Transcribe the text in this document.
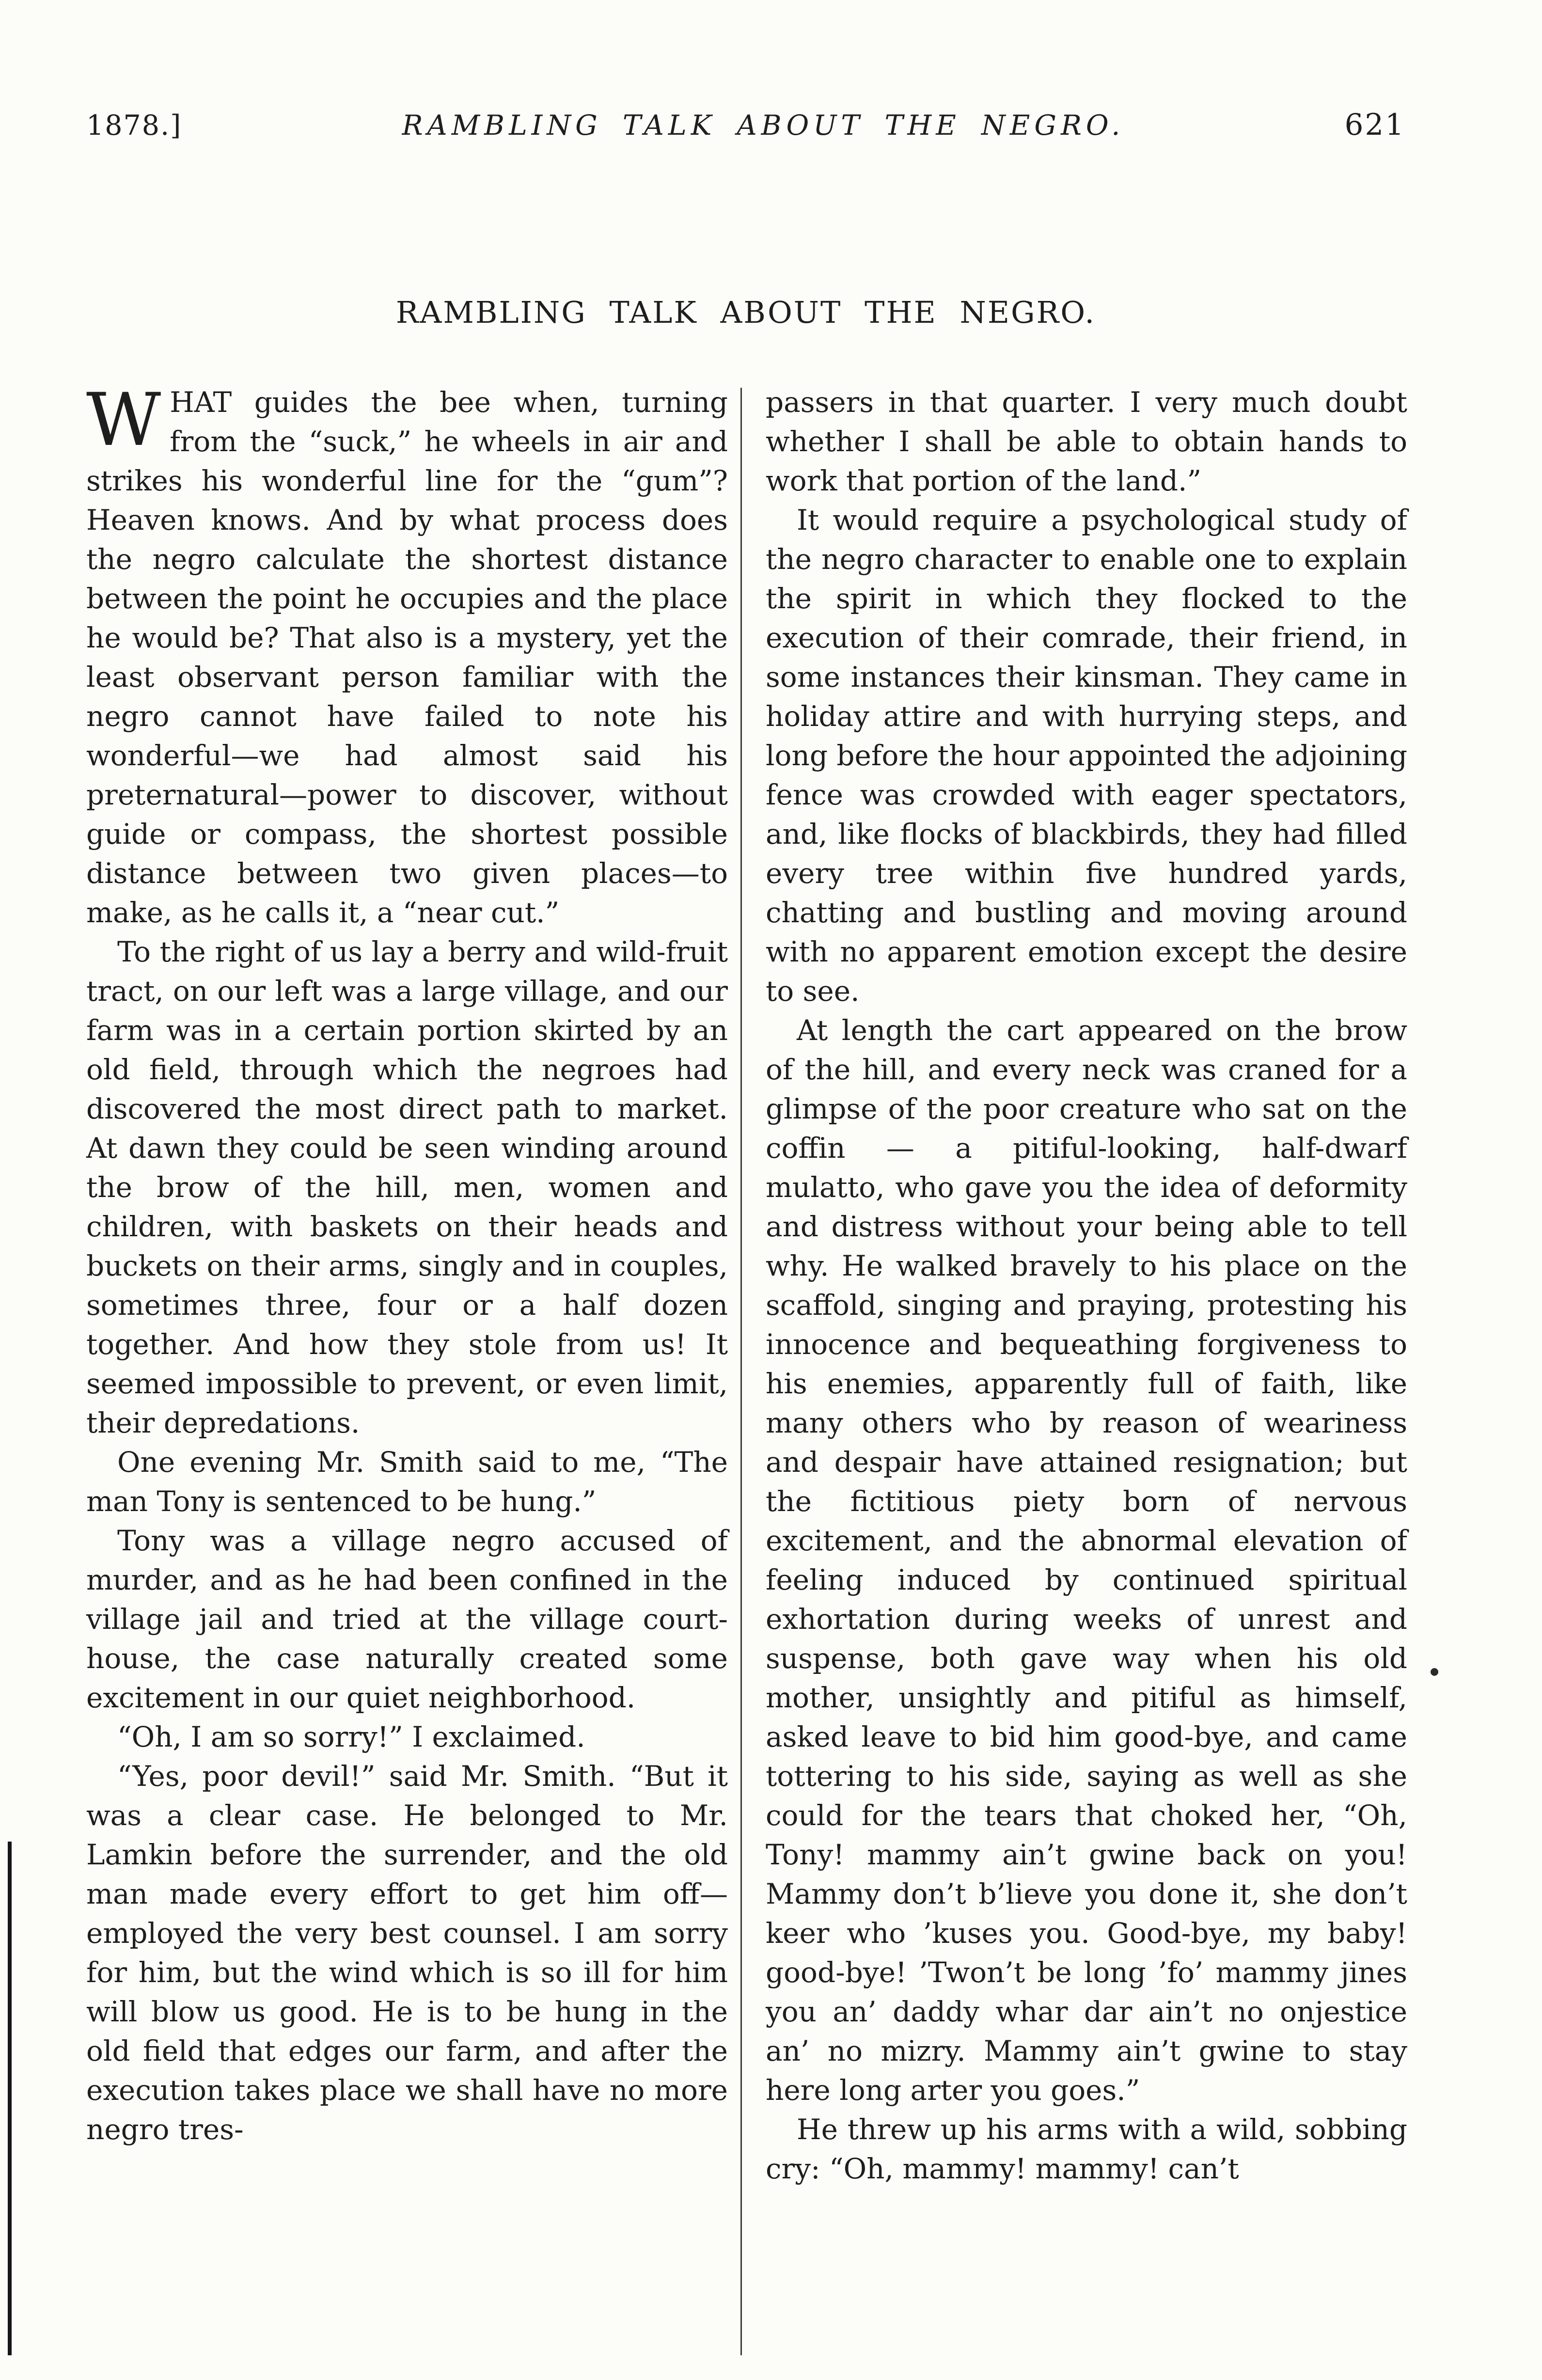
1878.]	RAMBLING TALK ABOUT THE NEGRO.	621
RAMBLING TALK ABOUT THE NEGRO.

WHAT guides the bee when, turning from the “suck,” he wheels in air and strikes his wonderful line for the “gum”? Heaven knows. And by what process does the negro calculate the shortest distance between the point he occupies and the place he would be? That also is a mystery, yet the least observant person familiar with the negro cannot have failed to note his wonderful—we had almost said his preternatural—power to discover, without guide or compass, the shortest possible distance between two given places—to make, as he calls it, a “near cut.”

To the right of us lay a berry and wild-fruit tract, on our left was a large village, and our farm was in a certain portion skirted by an old field, through which the negroes had discovered the most direct path to market. At dawn they could be seen winding around the brow of the hill, men, women and children, with baskets on their heads and buckets on their arms, singly and in couples, sometimes three, four or a half dozen together. And how they stole from us! It seemed impossible to prevent, or even limit, their depredations.

One evening Mr. Smith said to me, “The man Tony is sentenced to be hung.”

Tony was a village negro accused of murder, and as he had been confined in the village jail and tried at the village court-house, the case naturally created some excitement in our quiet neighborhood.

“Oh, I am so sorry!” I exclaimed.

“Yes, poor devil!” said Mr. Smith. “But it was a clear case. He belonged to Mr. Lamkin before the surrender, and the old man made every effort to get him off—employed the very best counsel. I am sorry for him, but the wind which is so ill for him will blow us good. He is to be hung in the old field that edges our farm, and after the execution takes place we shall have no more negro tres-

passers in that quarter. I very much doubt whether I shall be able to obtain hands to work that portion of the land.”

It would require a psychological study of the negro character to enable one to explain the spirit in which they flocked to the execution of their comrade, their friend, in some instances their kinsman. They came in holiday attire and with hurrying steps, and long before the hour appointed the adjoining fence was crowded with eager spectators, and, like flocks of blackbirds, they had filled every tree within five hundred yards, chatting and bustling and moving around with no apparent emotion except the desire to see.

At length the cart appeared on the brow of the hill, and every neck was craned for a glimpse of the poor creature who sat on the coffin — a pitiful-looking, half-dwarf mulatto, who gave you the idea of deformity and distress without your being able to tell why. He walked bravely to his place on the scaffold, singing and praying, protesting his innocence and bequeathing forgiveness to his enemies, apparently full of faith, like many others who by reason of weariness and despair have attained resignation; but the fictitious piety born of nervous excitement, and the abnormal elevation of feeling induced by continued spiritual exhortation during weeks of unrest and suspense, both gave way when his old mother, unsightly and pitiful as himself, asked leave to bid him good-bye, and came tottering to his side, saying as well as she could for the tears that choked her, “Oh, Tony! mammy ain’t gwine back on you! Mammy don’t b’lieve you done it, she don’t keer who ’kuses you. Good-bye, my baby! good-bye! ’Twon’t be long ’fo’ mammy jines you an’ daddy whar dar ain’t no onjestice an’ no mizry. Mammy ain’t gwine to stay here long arter you goes.”

He threw up his arms with a wild, sobbing cry: “Oh, mammy! mammy! can’t
